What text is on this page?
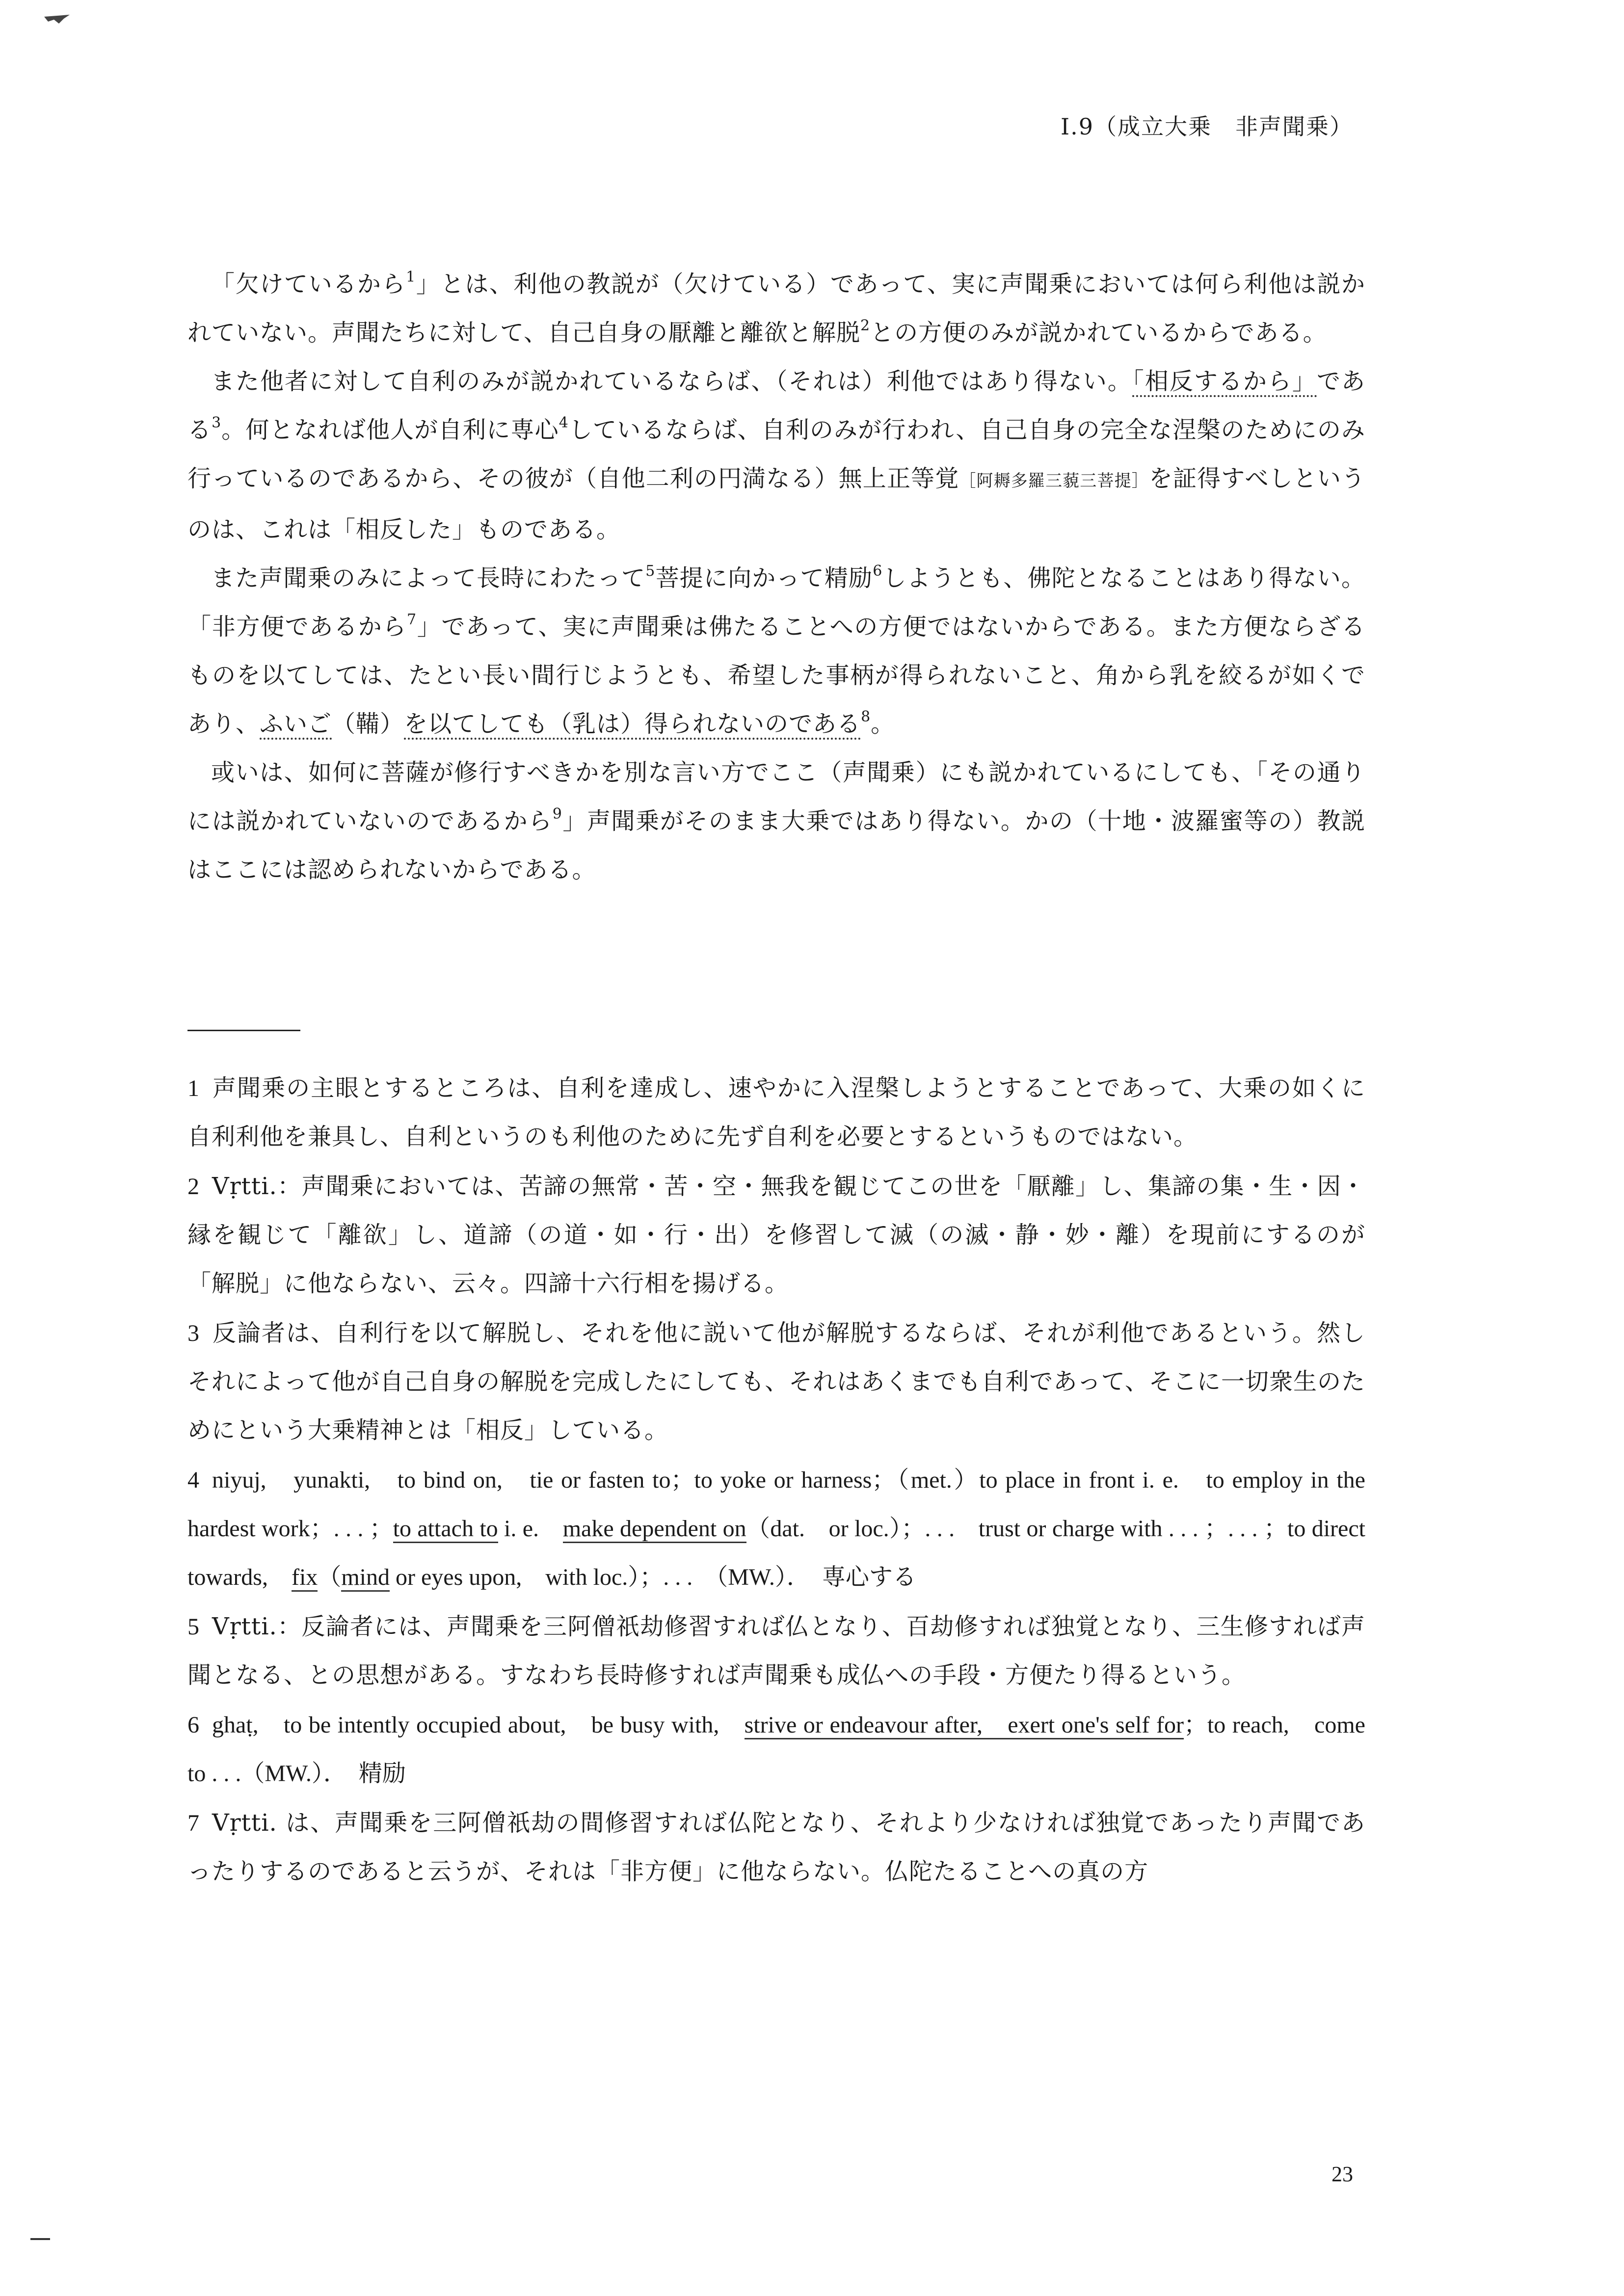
I.9（成立大乗　非声聞乗）

「欠けているから$^1$」とは、利他の教説が（欠けている）であって、実に声聞乗においては何ら利他は説かれていない。声聞たちに対して、自己自身の厭離と離欲と解脱$^2$との方便のみが説かれているからである。

また他者に対して自利のみが説かれているならば、（それは）利他ではあり得ない。「相反するから」である$^3$。何となれば他人が自利に専心$^4$しているならば、自利のみが行われ、自己自身の完全な涅槃のためにのみ行っているのであるから、その彼が（自他二利の円満なる）無上正等覚［阿耨多羅三藐三菩提］を証得すべしというのは、これは「相反した」ものである。

また声聞乗のみによって長時にわたって$^5$菩提に向かって精励$^6$しようとも、佛陀となることはあり得ない。「非方便であるから$^7$」であって、実に声聞乗は佛たることへの方便ではないからである。また方便ならざるものを以てしては、たとい長い間行じようとも、希望した事柄が得られないこと、角から乳を絞るが如くであり、ふいご（鞴）を以てしても（乳は）得られないのである$^8$。

或いは、如何に菩薩が修行すべきかを別な言い方でここ（声聞乗）にも説かれているにしても、「その通りには説かれていないのであるから$^9$」声聞乗がそのまま大乗ではあり得ない。かの（十地・波羅蜜等の）教説はここには認められないからである。

1 声聞乗の主眼とするところは、自利を達成し、速やかに入涅槃しようとすることであって、大乗の如くに自利利他を兼具し、自利というのも利他のために先ず自利を必要とするというものではない。

2 Vṛtti.：声聞乗においては、苦諦の無常・苦・空・無我を観じてこの世を「厭離」し、集諦の集・生・因・縁を観じて「離欲」し、道諦（の道・如・行・出）を修習して滅（の滅・静・妙・離）を現前にするのが「解脱」に他ならない、云々。四諦十六行相を揚げる。

3 反論者は、自利行を以て解脱し、それを他に説いて他が解脱するならば、それが利他であるという。然しそれによって他が自己自身の解脱を完成したにしても、それはあくまでも自利であって、そこに一切衆生のためにという大乗精神とは「相反」している。

4 niyuj,　yunakti,　to bind on,　tie or fasten to；to yoke or harness；（met.）to place in front i. e.　to employ in the hardest work；. . . ；to attach to i. e.　make dependent on（dat.　or loc.）；. . .　trust or charge with . . . ；. . . ；to direct towards,　fix（mind or eyes upon,　with loc.）；. . .　（MW.）．　専心する

5 Vṛtti.：反論者には、声聞乗を三阿僧祇劫修習すれば仏となり、百劫修すれば独覚となり、三生修すれば声聞となる、との思想がある。すなわち長時修すれば声聞乗も成仏への手段・方便たり得るという。

6 ghaṭ,　to be intently occupied about,　be busy with,　strive or endeavour after,　exert one's self for；to reach,　come to . . .（MW.）．　精励

7 Vṛtti. は、声聞乗を三阿僧祇劫の間修習すれば仏陀となり、それより少なければ独覚であったり声聞であったりするのであると云うが、それは「非方便」に他ならない。仏陀たることへの真の方

23
